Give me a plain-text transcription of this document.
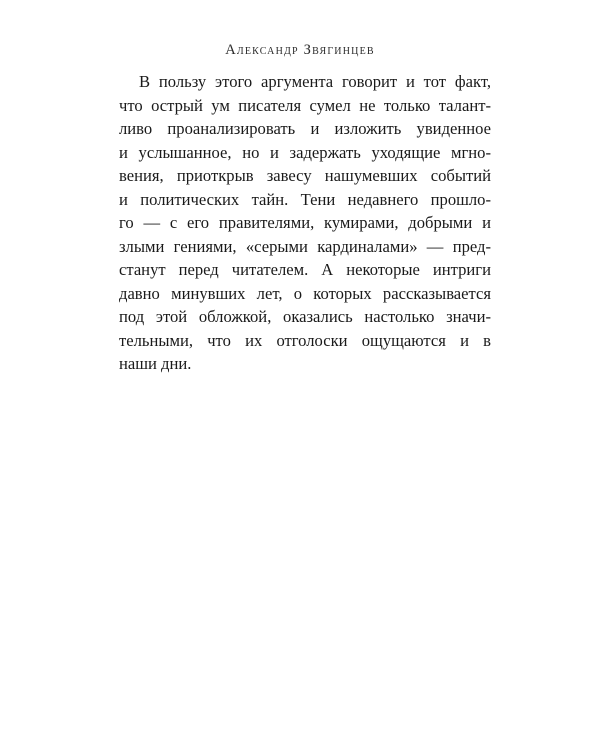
Александр Звягинцев
В пользу этого аргумента говорит и тот факт,
что острый ум писателя сумел не только талант-
ливо проанализировать и изложить увиденное
и услышанное, но и задержать уходящие мгно-
вения, приоткрыв завесу нашумевших событий
и политических тайн. Тени недавнего прошло-
го — с его правителями, кумирами, добрыми и
злыми гениями, «серыми кардиналами» — пред-
станут перед читателем. А некоторые интриги
давно минувших лет, о которых рассказывается
под этой обложкой, оказались настолько значи-
тельными, что их отголоски ощущаются и в
наши дни.
